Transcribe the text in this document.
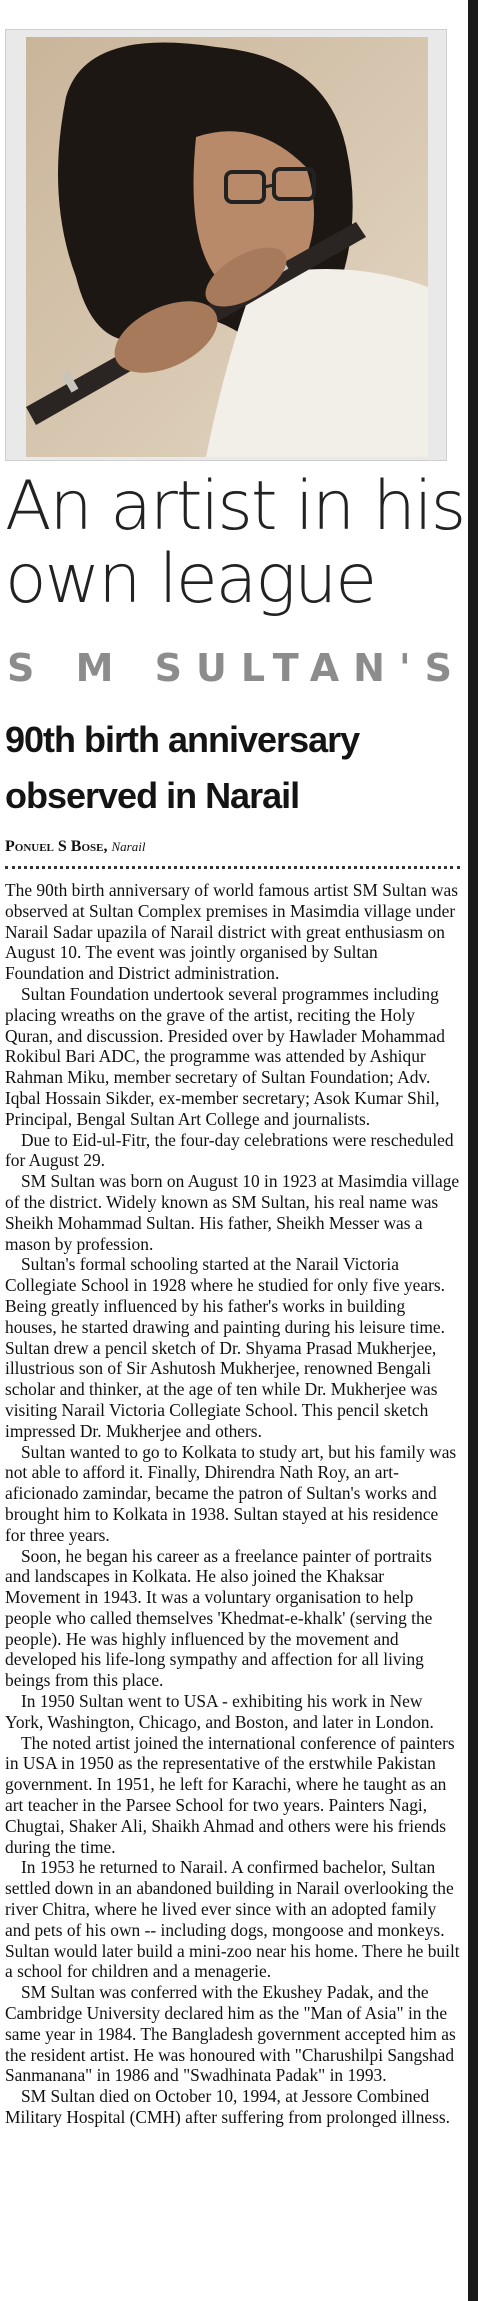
An artist in his own league
S M SULTAN'S
90th birth anniversary observed in Narail
Ponuel S Bose, Narail

The 90th birth anniversary of world famous artist SM Sultan was observed at Sultan Complex premises in Masimdia village under Narail Sadar upazila of Narail district with great enthusiasm on August 10. The event was jointly organised by Sultan Foundation and District administration.

Sultan Foundation undertook several programmes including placing wreaths on the grave of the artist, reciting the Holy Quran, and discussion. Presided over by Hawlader Mohammad Rokibul Bari ADC, the programme was attended by Ashiqur Rahman Miku, member secretary of Sultan Foundation; Adv. Iqbal Hossain Sikder, ex-member secretary; Asok Kumar Shil, Principal, Bengal Sultan Art College and journalists.

Due to Eid-ul-Fitr, the four-day celebrations were rescheduled for August 29.

SM Sultan was born on August 10 in 1923 at Masimdia village of the district. Widely known as SM Sultan, his real name was Sheikh Mohammad Sultan. His father, Sheikh Messer was a mason by profession.

Sultan's formal schooling started at the Narail Victoria Collegiate School in 1928 where he studied for only five years. Being greatly influenced by his father's works in building houses, he started drawing and painting during his leisure time. Sultan drew a pencil sketch of Dr. Shyama Prasad Mukherjee, illustrious son of Sir Ashutosh Mukherjee, renowned Bengali scholar and thinker, at the age of ten while Dr. Mukherjee was visiting Narail Victoria Collegiate School. This pencil sketch impressed Dr. Mukherjee and others.

Sultan wanted to go to Kolkata to study art, but his family was not able to afford it. Finally, Dhirendra Nath Roy, an art-aficionado zamindar, became the patron of Sultan's works and brought him to Kolkata in 1938. Sultan stayed at his residence for three years.

Soon, he began his career as a freelance painter of portraits and landscapes in Kolkata. He also joined the Khaksar Movement in 1943. It was a voluntary organisation to help people who called themselves 'Khedmat-e-khalk' (serving the people). He was highly influenced by the movement and developed his life-long sympathy and affection for all living beings from this place.

In 1950 Sultan went to USA - exhibiting his work in New York, Washington, Chicago, and Boston, and later in London.

The noted artist joined the international conference of painters in USA in 1950 as the representative of the erstwhile Pakistan government. In 1951, he left for Karachi, where he taught as an art teacher in the Parsee School for two years. Painters Nagi, Chugtai, Shaker Ali, Shaikh Ahmad and others were his friends during the time.

In 1953 he returned to Narail. A confirmed bachelor, Sultan settled down in an abandoned building in Narail overlooking the river Chitra, where he lived ever since with an adopted family and pets of his own -- including dogs, mongoose and monkeys. Sultan would later build a mini-zoo near his home. There he built a school for children and a menagerie.

SM Sultan was conferred with the Ekushey Padak, and the Cambridge University declared him as the "Man of Asia" in the same year in 1984. The Bangladesh government accepted him as the resident artist. He was honoured with "Charushilpi Sangshad Sanmanana" in 1986 and "Swadhinata Padak" in 1993.

SM Sultan died on October 10, 1994, at Jessore Combined Military Hospital (CMH) after suffering from prolonged illness.
